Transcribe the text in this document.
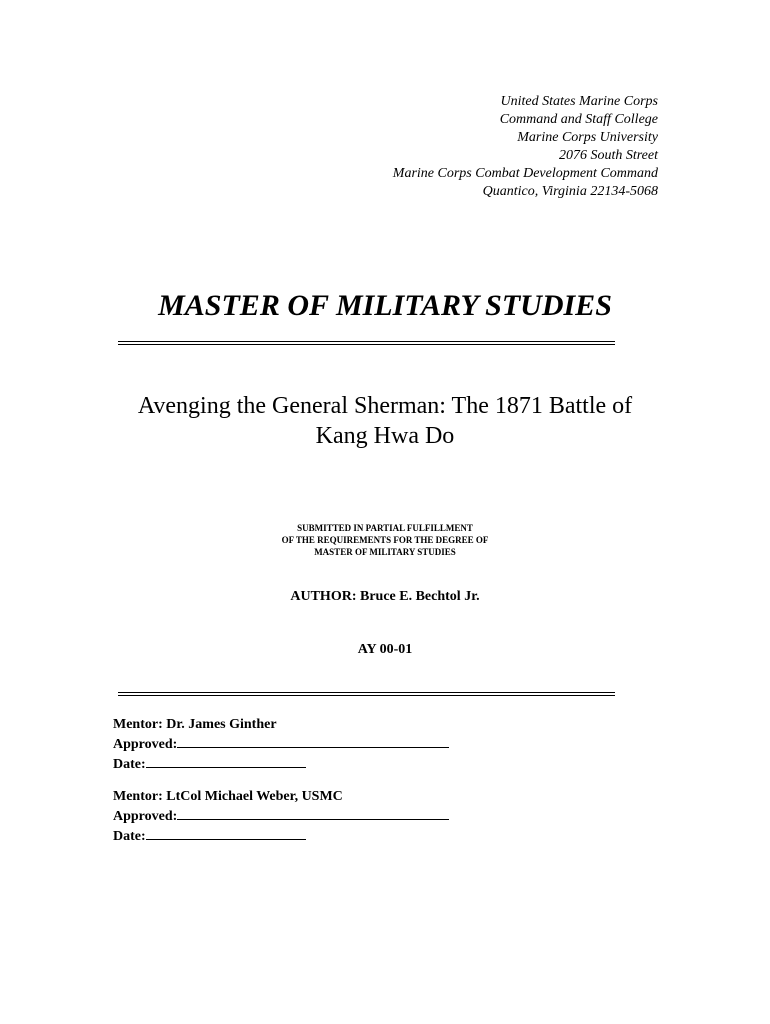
United States Marine Corps
Command and Staff College
Marine Corps University
2076 South Street
Marine Corps Combat Development Command
Quantico, Virginia 22134-5068
MASTER OF MILITARY STUDIES
Avenging the General Sherman: The 1871 Battle of
Kang Hwa Do
SUBMITTED IN PARTIAL FULFILLMENT
OF THE REQUIREMENTS FOR THE DEGREE OF
MASTER OF MILITARY STUDIES
AUTHOR: Bruce E. Bechtol Jr.
AY 00-01
Mentor: Dr. James Ginther
Approved:
Date:
Mentor: LtCol Michael Weber, USMC
Approved:
Date:
